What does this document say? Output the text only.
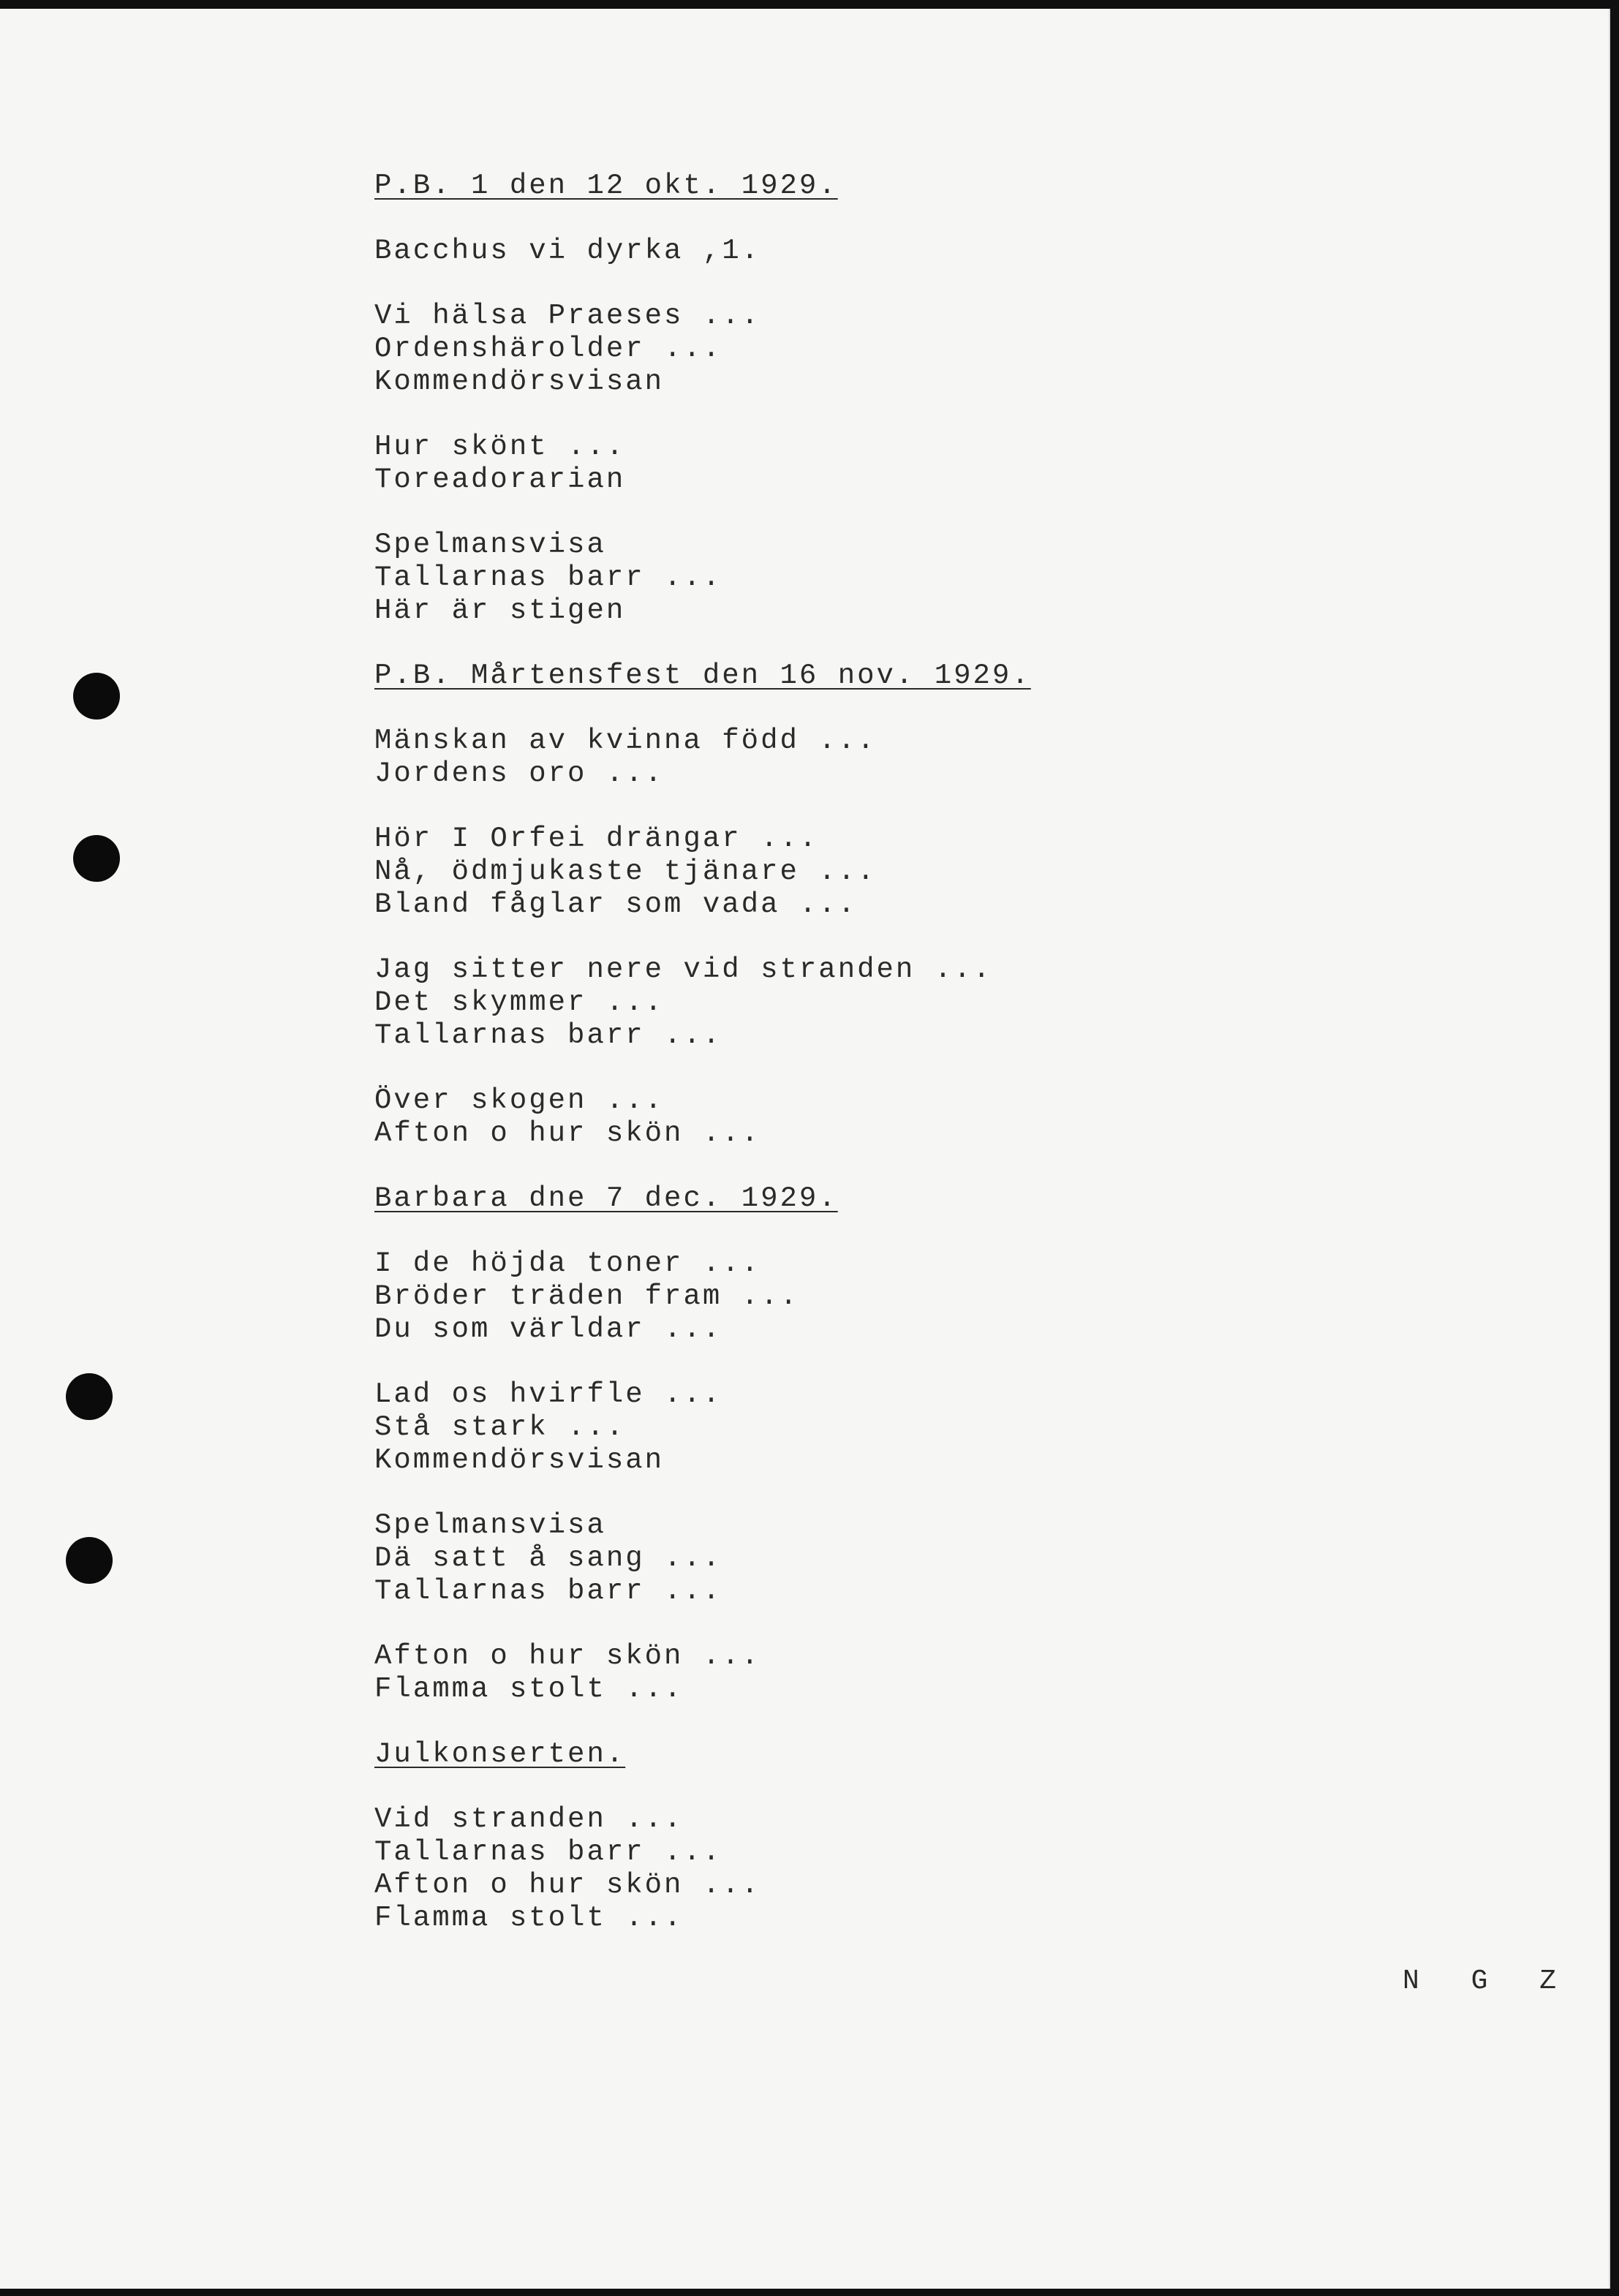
P.B. 1 den 12 okt. 1929.
Bacchus vi dyrka ,1.
Vi hälsa Praeses ...
Ordenshärolder ...
Kommendörsvisan
Hur skönt ...
Toreadorarian
Spelmansvisa
Tallarnas barr ...
Här är stigen
P.B. Mårtensfest den 16 nov. 1929.
Mänskan av kvinna född ...
Jordens oro ...
Hör I Orfei drängar ...
Nå, ödmjukaste tjänare ...
Bland fåglar som vada ...
Jag sitter nere vid stranden ...
Det skymmer ...
Tallarnas barr ...
Över skogen ...
Afton o hur skön ...
Barbara dne 7 dec. 1929.
I de höjda toner ...
Bröder träden fram ...
Du som världar ...
Lad os hvirfle ...
Stå stark ...
Kommendörsvisan
Spelmansvisa
Dä satt å sang ...
Tallarnas barr ...
Afton o hur skön ...
Flamma stolt ...
Julkonserten.
Vid stranden ...
Tallarnas barr ...
Afton o hur skön ...
Flamma stolt ...
N G Z
